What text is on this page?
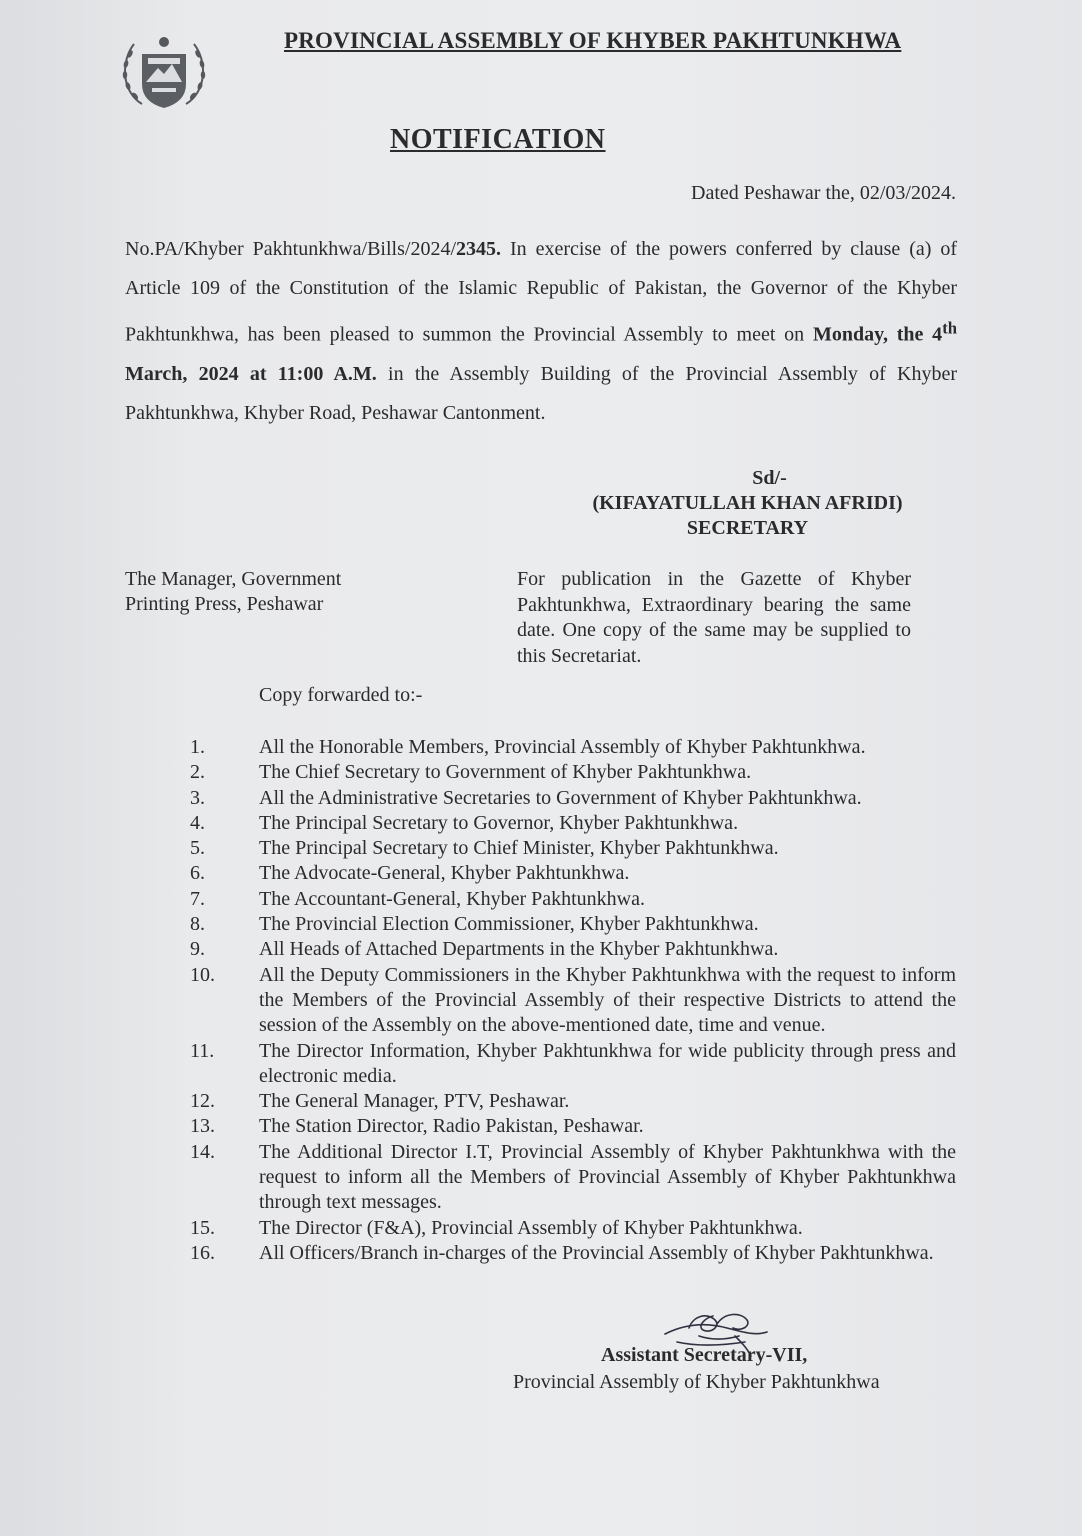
PROVINCIAL ASSEMBLY OF KHYBER PAKHTUNKHWA
NOTIFICATION
Dated Peshawar the, 02/03/2024.
No.PA/Khyber Pakhtunkhwa/Bills/2024/2345. In exercise of the powers conferred by clause (a) of Article 109 of the Constitution of the Islamic Republic of Pakistan, the Governor of the Khyber Pakhtunkhwa, has been pleased to summon the Provincial Assembly to meet on Monday, the 4th March, 2024 at 11:00 A.M. in the Assembly Building of the Provincial Assembly of Khyber Pakhtunkhwa, Khyber Road, Peshawar Cantonment.
Sd/-
(KIFAYATULLAH KHAN AFRIDI)
SECRETARY
The Manager, Government
Printing Press, Peshawar
For publication in the Gazette of Khyber Pakhtunkhwa, Extraordinary bearing the same date. One copy of the same may be supplied to this Secretariat.
Copy forwarded to:-
1.	All the Honorable Members, Provincial Assembly of Khyber Pakhtunkhwa.
2.	The Chief Secretary to Government of Khyber Pakhtunkhwa.
3.	All the Administrative Secretaries to Government of Khyber Pakhtunkhwa.
4.	The Principal Secretary to Governor, Khyber Pakhtunkhwa.
5.	The Principal Secretary to Chief Minister, Khyber Pakhtunkhwa.
6.	The Advocate-General, Khyber Pakhtunkhwa.
7.	The Accountant-General, Khyber Pakhtunkhwa.
8.	The Provincial Election Commissioner, Khyber Pakhtunkhwa.
9.	All Heads of Attached Departments in the Khyber Pakhtunkhwa.
10.	All the Deputy Commissioners in the Khyber Pakhtunkhwa with the request to inform the Members of the Provincial Assembly of their respective Districts to attend the session of the Assembly on the above-mentioned date, time and venue.
11.	The Director Information, Khyber Pakhtunkhwa for wide publicity through press and electronic media.
12.	The General Manager, PTV, Peshawar.
13.	The Station Director, Radio Pakistan, Peshawar.
14.	The Additional Director I.T, Provincial Assembly of Khyber Pakhtunkhwa with the request to inform all the Members of Provincial Assembly of Khyber Pakhtunkhwa through text messages.
15.	The Director (F&A), Provincial Assembly of Khyber Pakhtunkhwa.
16.	All Officers/Branch in-charges of the Provincial Assembly of Khyber Pakhtunkhwa.
Assistant Secretary-VII,
Provincial Assembly of Khyber Pakhtunkhwa
